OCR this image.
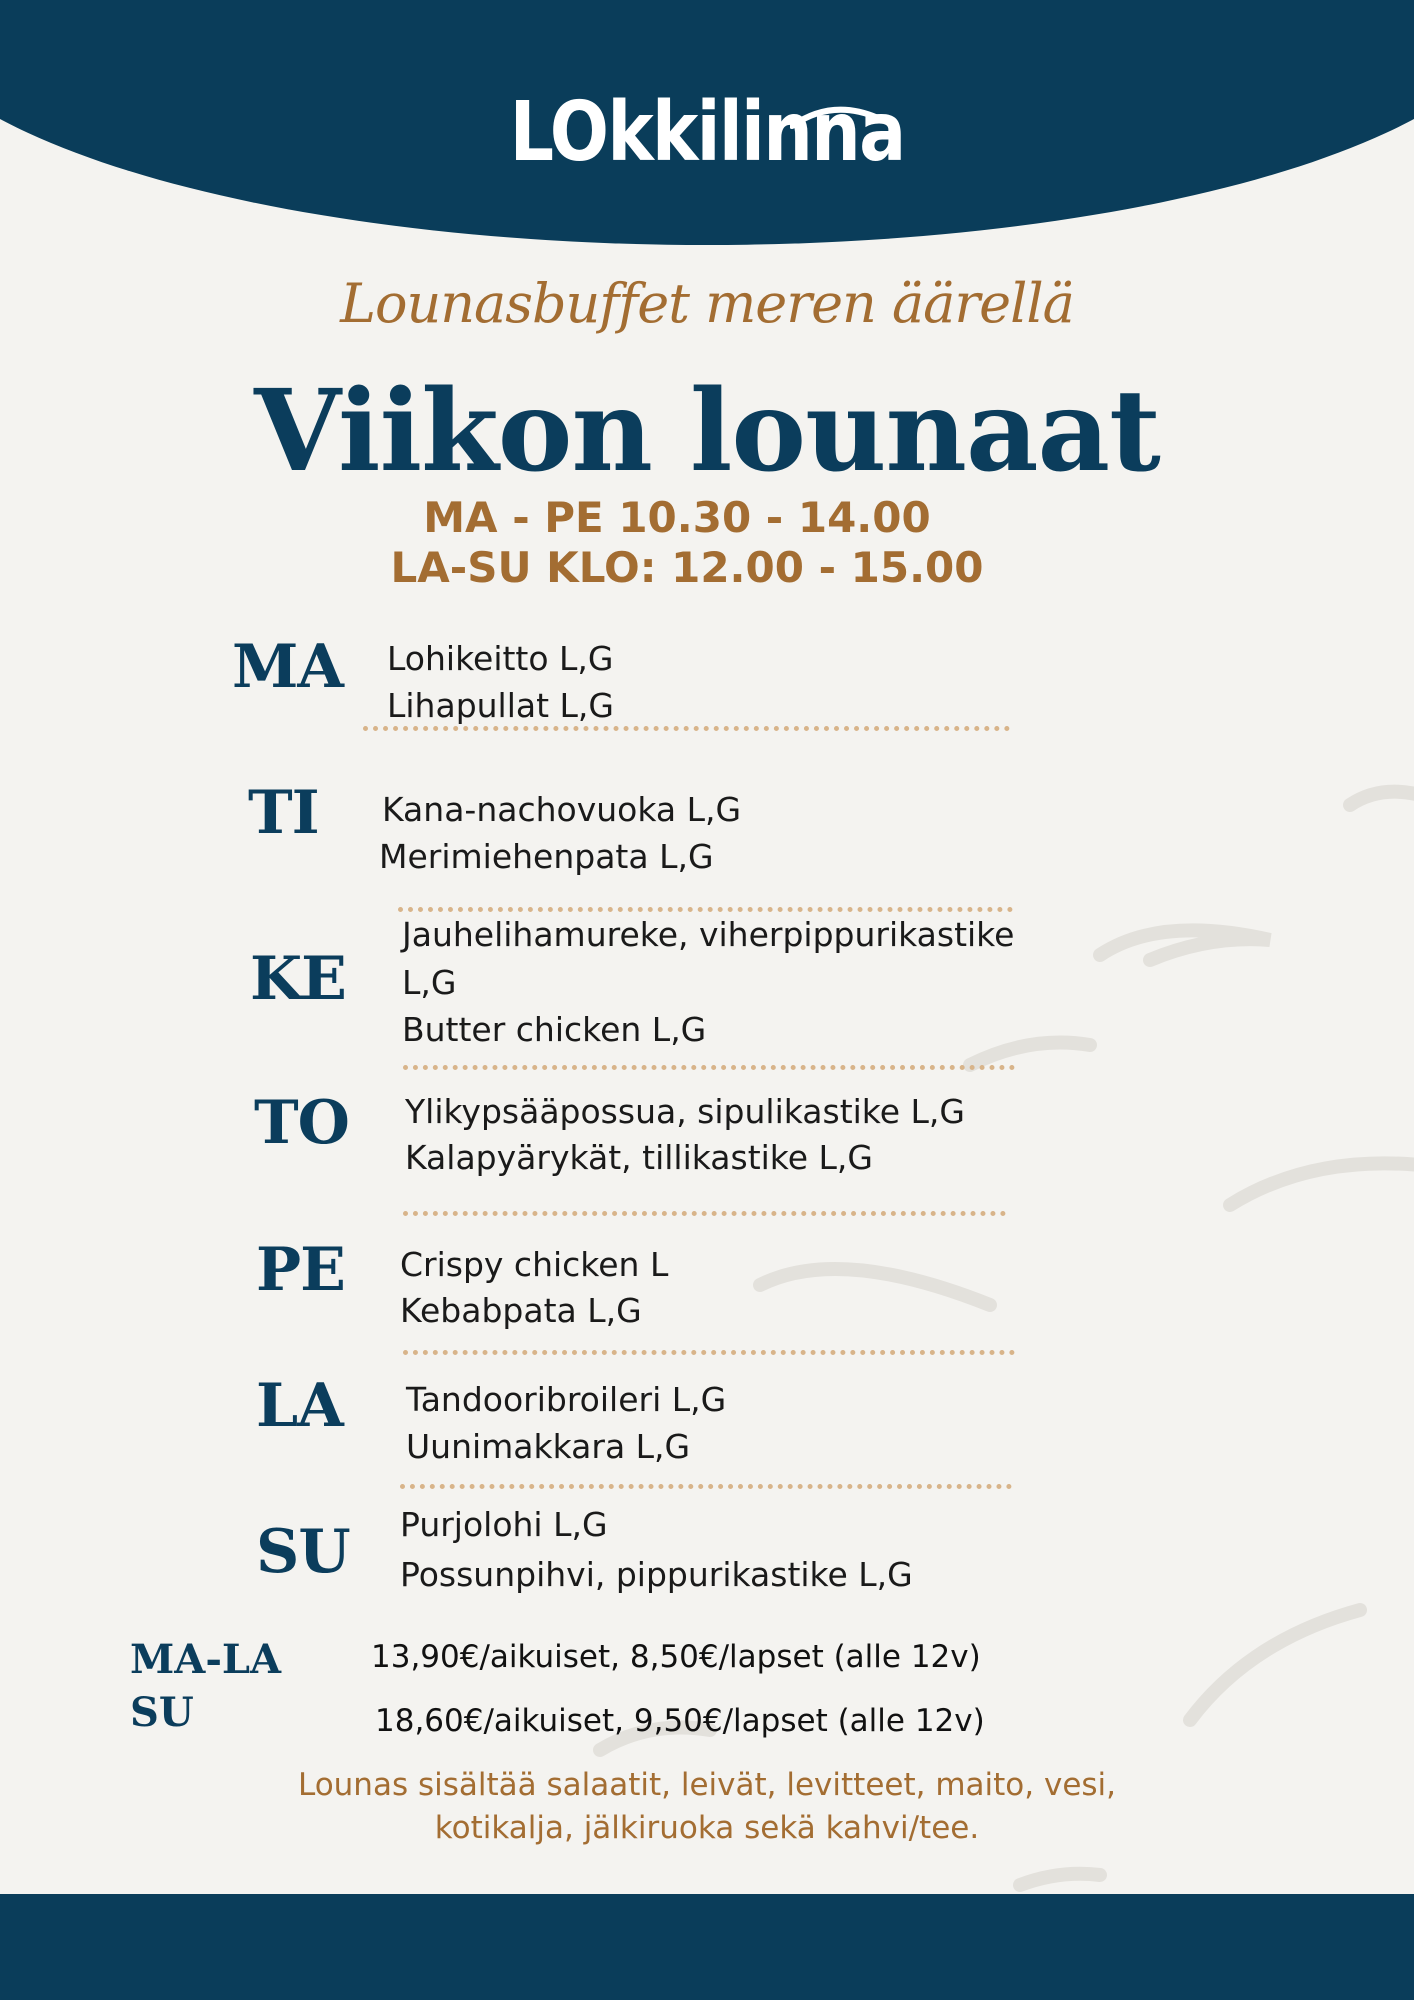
LOkkilinna
Lounasbuffet meren äärellä
Viikon lounaat
MA - PE 10.30 - 14.00
LA-SU KLO: 12.00 - 15.00
MA Lohikeitto L,G
Lihapullat L,G
TI Kana-nachovuoka L,G
Merimiehenpata L,G
KE
Jauhelihamureke, viherpippurikastike
L,G
Butter chicken L,G
TO Ylikypsääpossua, sipulikastike L,G
Kalapyärykät, tillikastike L,G
PE Crispy chicken L
Kebabpata L,G
LA Tandooribroileri L,G
Uunimakkara L,G
SU Purjolohi L,G
Possunpihvi, pippurikastike L,G
MA-LA	13,90€/aikuiset, 8,50€/lapset (alle 12v)
SU	18,60€/aikuiset, 9,50€/lapset (alle 12v)
Lounas sisältää salaatit, leivät, levitteet, maito, vesi,
kotikalja, jälkiruoka sekä kahvi/tee.
